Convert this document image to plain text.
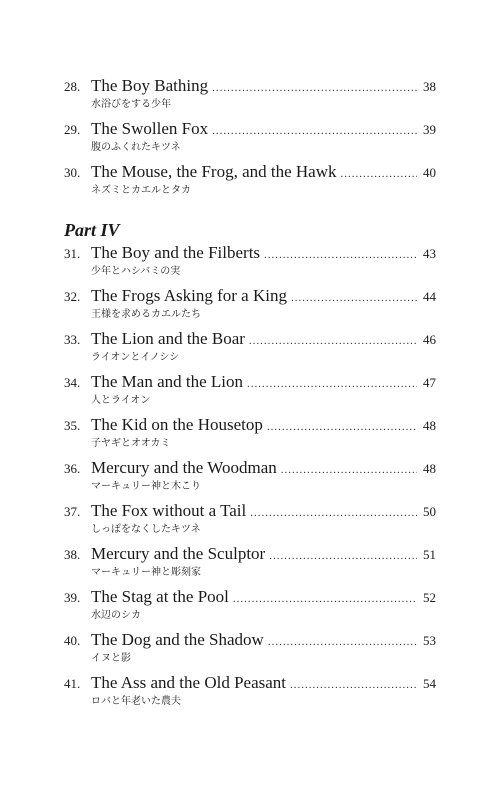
28. The Boy Bathing .....	38
水浴びをする少年
29. The Swollen Fox .....	39
腹のふくれたキツネ
30. The Mouse, the Frog, and the Hawk .....	40
ネズミとカエルとタカ
Part IV
31. The Boy and the Filberts .....	43
少年とハシバミの実
32. The Frogs Asking for a King .....	44
王様を求めるカエルたち
33. The Lion and the Boar .....	46
ライオンとイノシシ
34. The Man and the Lion .....	47
人とライオン
35. The Kid on the Housetop .....	48
子ヤギとオオカミ
36. Mercury and the Woodman .....	48
マーキュリー神と木こり
37. The Fox without a Tail .....	50
しっぽをなくしたキツネ
38. Mercury and the Sculptor .....	51
マーキュリー神と彫刻家
39. The Stag at the Pool .....	52
水辺のシカ
40. The Dog and the Shadow .....	53
イヌと影
41. The Ass and the Old Peasant .....	54
ロバと年老いた農夫
